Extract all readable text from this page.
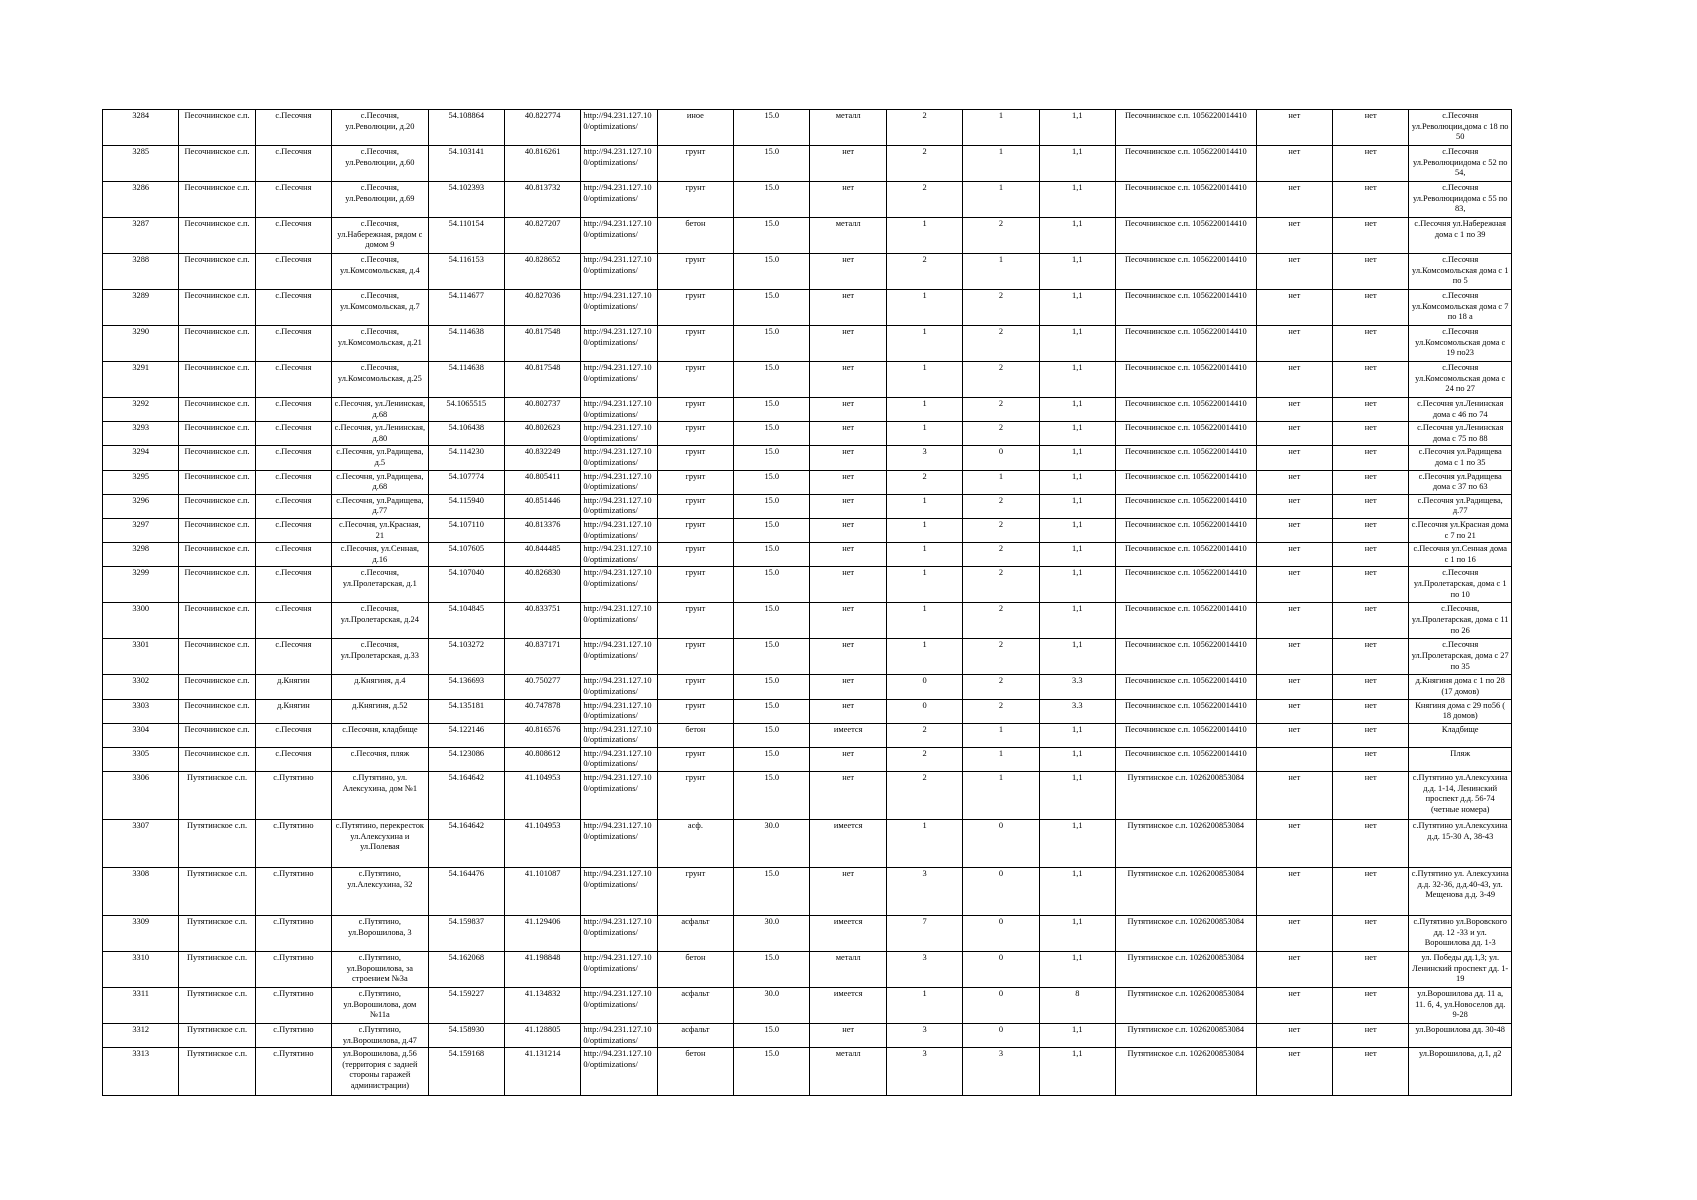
3284	Песочнинское с.п.	с.Песочня	с.Песочня, ул.Революции, д.20	54.108864	40.822774	http://94.231.127.100/optimizations/	иное	15.0	металл	2	1	1,1	Песочнинское с.п. 1056220014410	нет	нет	с.Песочня ул.Революции,дома с 18 по 50
3285	Песочнинское с.п.	с.Песочня	с.Песочня, ул.Революции, д.60	54.103141	40.816261	http://94.231.127.100/optimizations/	грунт	15.0	нет	2	1	1,1	Песочнинское с.п. 1056220014410	нет	нет	с.Песочня ул.Революциидома с 52 по 54,
3286	Песочнинское с.п.	с.Песочня	с.Песочня, ул.Революции, д.69	54.102393	40.813732	http://94.231.127.100/optimizations/	грунт	15.0	нет	2	1	1,1	Песочнинское с.п. 1056220014410	нет	нет	с.Песочня ул.Революциидома с 55 по 83,
3287	Песочнинское с.п.	с.Песочня	с.Песочня, ул.Набережная, рядом с домом 9	54.110154	40.827207	http://94.231.127.100/optimizations/	бетон	15.0	металл	1	2	1,1	Песочнинское с.п. 1056220014410	нет	нет	с.Песочня ул.Набережная дома с 1 по 39
3288	Песочнинское с.п.	с.Песочня	с.Песочня, ул.Комсомольская, д.4	54.116153	40.828652	http://94.231.127.100/optimizations/	грунт	15.0	нет	2	1	1,1	Песочнинское с.п. 1056220014410	нет	нет	с.Песочня ул.Комсомольская дома с 1 по 5
3289	Песочнинское с.п.	с.Песочня	с.Песочня, ул.Комсомольская, д.7	54.114677	40.827036	http://94.231.127.100/optimizations/	грунт	15.0	нет	1	2	1,1	Песочнинское с.п. 1056220014410	нет	нет	с.Песочня ул.Комсомольская дома с 7 по 18 а
3290	Песочнинское с.п.	с.Песочня	с.Песочня, ул.Комсомольская, д.21	54.114638	40.817548	http://94.231.127.100/optimizations/	грунт	15.0	нет	1	2	1,1	Песочнинское с.п. 1056220014410	нет	нет	с.Песочня ул.Комсомольская дома с 19 по23
3291	Песочнинское с.п.	с.Песочня	с.Песочня, ул.Комсомольская, д.25	54.114638	40.817548	http://94.231.127.100/optimizations/	грунт	15.0	нет	1	2	1,1	Песочнинское с.п. 1056220014410	нет	нет	с.Песочня ул.Комсомольская дома с 24 по 27
3292	Песочнинское с.п.	с.Песочня	с.Песочня, ул.Ленинская, д.68	54.1065515	40.802737	http://94.231.127.100/optimizations/	грунт	15.0	нет	1	2	1,1	Песочнинское с.п. 1056220014410	нет	нет	с.Песочня ул.Ленинская дома с 46 по 74
3293	Песочнинское с.п.	с.Песочня	с.Песочня, ул.Ленинская, д.80	54.106438	40.802623	http://94.231.127.100/optimizations/	грунт	15.0	нет	1	2	1,1	Песочнинское с.п. 1056220014410	нет	нет	с.Песочня ул.Ленинская дома с 75 по 88
3294	Песочнинское с.п.	с.Песочня	с.Песочня, ул.Радищева, д.5	54.114230	40.832249	http://94.231.127.100/optimizations/	грунт	15.0	нет	3	0	1,1	Песочнинское с.п. 1056220014410	нет	нет	с.Песочня ул.Радищева дома с 1 по 35
3295	Песочнинское с.п.	с.Песочня	с.Песочня, ул.Радищева, д.68	54.107774	40.805411	http://94.231.127.100/optimizations/	грунт	15.0	нет	2	1	1,1	Песочнинское с.п. 1056220014410	нет	нет	с.Песочня ул.Радищева дома с 37 по 63
3296	Песочнинское с.п.	с.Песочня	с.Песочня, ул.Радищева, д.77	54.115940	40.851446	http://94.231.127.100/optimizations/	грунт	15.0	нет	1	2	1,1	Песочнинское с.п. 1056220014410	нет	нет	с.Песочня ул.Радищева, д.77
3297	Песочнинское с.п.	с.Песочня	с.Песочня, ул.Красная, 21	54.107110	40.813376	http://94.231.127.100/optimizations/	грунт	15.0	нет	1	2	1,1	Песочнинское с.п. 1056220014410	нет	нет	с.Песочня ул.Красная дома с 7 по 21
3298	Песочнинское с.п.	с.Песочня	с.Песочня, ул.Сенная, д.16	54.107605	40.844485	http://94.231.127.100/optimizations/	грунт	15.0	нет	1	2	1,1	Песочнинское с.п. 1056220014410	нет	нет	с.Песочня ул.Сенная дома с 1 по 16
3299	Песочнинское с.п.	с.Песочня	с.Песочня, ул.Пролетарская, д.1	54.107040	40.826830	http://94.231.127.100/optimizations/	грунт	15.0	нет	1	2	1,1	Песочнинское с.п. 1056220014410	нет	нет	с.Песочня ул.Пролетарская, дома с 1 по 10
3300	Песочнинское с.п.	с.Песочня	с.Песочня, ул.Пролетарская, д.24	54.104845	40.833751	http://94.231.127.100/optimizations/	грунт	15.0	нет	1	2	1,1	Песочнинское с.п. 1056220014410	нет	нет	с.Песочня, ул.Пролетарская, дома с 11 по 26
3301	Песочнинское с.п.	с.Песочня	с.Песочня, ул.Пролетарская, д.33	54.103272	40.837171	http://94.231.127.100/optimizations/	грунт	15.0	нет	1	2	1,1	Песочнинское с.п. 1056220014410	нет	нет	с.Песочня ул.Пролетарская, дома с 27 по 35
3302	Песочнинское с.п.	д.Княгин	д.Княгиня, д.4	54.136693	40.750277	http://94.231.127.100/optimizations/	грунт	15.0	нет	0	2	3.3	Песочнинское с.п. 1056220014410	нет	нет	д.Княгиня дома с 1 по 28 (17 домов)
3303	Песочнинское с.п.	д.Княгин	д.Княгиня, д.52	54.135181	40.747878	http://94.231.127.100/optimizations/	грунт	15.0	нет	0	2	3.3	Песочнинское с.п. 1056220014410	нет	нет	Княгиня дома с 29 по56 ( 18 домов)
3304	Песочнинское с.п.	с.Песочня	с.Песочня, кладбище	54.122146	40.816576	http://94.231.127.100/optimizations/	бетон	15.0	имеется	2	1	1,1	Песочнинское с.п. 1056220014410	нет	нет	Кладбище
3305	Песочнинское с.п.	с.Песочня	с.Песочня, пляж	54.123086	40.808612	http://94.231.127.100/optimizations/	грунт	15.0	нет	2	1	1,1	Песочнинское с.п. 1056220014410		нет	Пляж
3306	Путятинское с.п.	с.Путятино	с.Путятино, ул. Алексухина, дом №1	54.164642	41.104953	http://94.231.127.100/optimizations/	грунт	15.0	нет	2	1	1,1	Путятинское с.п. 1026200853084	нет	нет	с.Путятино ул.Алексухина д.д. 1-14, Ленинский проспект д.д. 56-74 (четные номера)
3307	Путятинское с.п.	с.Путятино	с.Путятино, перекресток ул.Алексухина и ул.Полевая	54.164642	41.104953	http://94.231.127.100/optimizations/	асф.	30.0	имеется	1	0	1,1	Путятинское с.п. 1026200853084	нет	нет	с.Путятино ул.Алексухина д.д. 15-30 А, 38-43
3308	Путятинское с.п.	с.Путятино	с.Путятино, ул.Алексухина, 32	54.164476	41.101087	http://94.231.127.100/optimizations/	грунт	15.0	нет	3	0	1,1	Путятинское с.п. 1026200853084	нет	нет	с.Путятино ул. Алексухина д.д. 32-36, д.д.40-43, ул. Мещенова д.д. 3-49
3309	Путятинское с.п.	с.Путятино	с.Путятино, ул.Ворошилова, 3	54.159837	41.129406	http://94.231.127.100/optimizations/	асфальт	30.0	имеется	7	0	1,1	Путятинское с.п. 1026200853084	нет	нет	с.Путятино ул.Воровского дд. 12 -33 и ул. Ворошилова дд. 1-3
3310	Путятинское с.п.	с.Путятино	с.Путятино, ул.Ворошилова, за строением №3а	54.162068	41.198848	http://94.231.127.100/optimizations/	бетон	15.0	металл	3	0	1,1	Путятинское с.п. 1026200853084	нет	нет	ул. Победы дд.1,3; ул. Ленинский проспект дд. 1-19
3311	Путятинское с.п.	с.Путятино	с.Путятино, ул.Ворошилова, дом №11а	54.159227	41.134832	http://94.231.127.100/optimizations/	асфальт	30.0	имеется	1	0	8	Путятинское с.п. 1026200853084	нет	нет	ул.Ворошилова дд. 11 а, 11. б, 4, ул.Новоселов дд. 9-28
3312	Путятинское с.п.	с.Путятино	с.Путятино, ул.Ворошилова, д.47	54.158930	41.128805	http://94.231.127.100/optimizations/	асфальт	15.0	нет	3	0	1,1	Путятинское с.п. 1026200853084	нет	нет	ул.Ворошилова дд. 30-48
3313	Путятинское с.п.	с.Путятино	ул.Ворошилова, д.56 (территория с задней стороны гаражей администрации)	54.159168	41.131214	http://94.231.127.100/optimizations/	бетон	15.0	металл	3	3	1,1	Путятинское с.п. 1026200853084	нет	нет	ул.Ворошилова, д.1, д2
